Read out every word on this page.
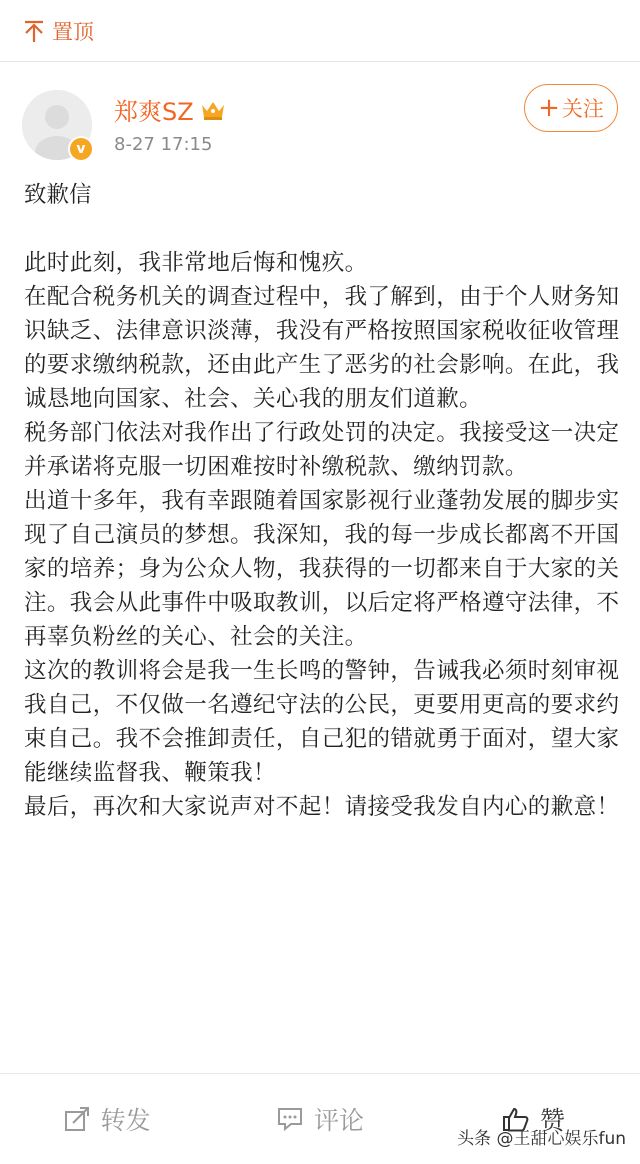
置顶
v
郑爽SZ
8-27 17:15
+ 关注

致歉信

此时此刻，我非常地后悔和愧疚。

在配合税务机关的调查过程中，我了解到，由于个人财务知识缺乏、法律意识淡薄，我没有严格按照国家税收征收管理的要求缴纳税款，还由此产生了恶劣的社会影响。在此，我诚恳地向国家、社会、关心我的朋友们道歉。

税务部门依法对我作出了行政处罚的决定。我接受这一决定并承诺将克服一切困难按时补缴税款、缴纳罚款。

出道十多年，我有幸跟随着国家影视行业蓬勃发展的脚步实现了自己演员的梦想。我深知，我的每一步成长都离不开国家的培养；身为公众人物，我获得的一切都来自于大家的关注。我会从此事件中吸取教训，以后定将严格遵守法律，不再辜负粉丝的关心、社会的关注。

这次的教训将会是我一生长鸣的警钟，告诫我必须时刻审视我自己，不仅做一名遵纪守法的公民，更要用更高的要求约束自己。我不会推卸责任，自己犯的错就勇于面对，望大家能继续监督我、鞭策我！

最后，再次和大家说声对不起！请接受我发自内心的歉意！

转发	评论	赞
头条 @王甜心娱乐fun
